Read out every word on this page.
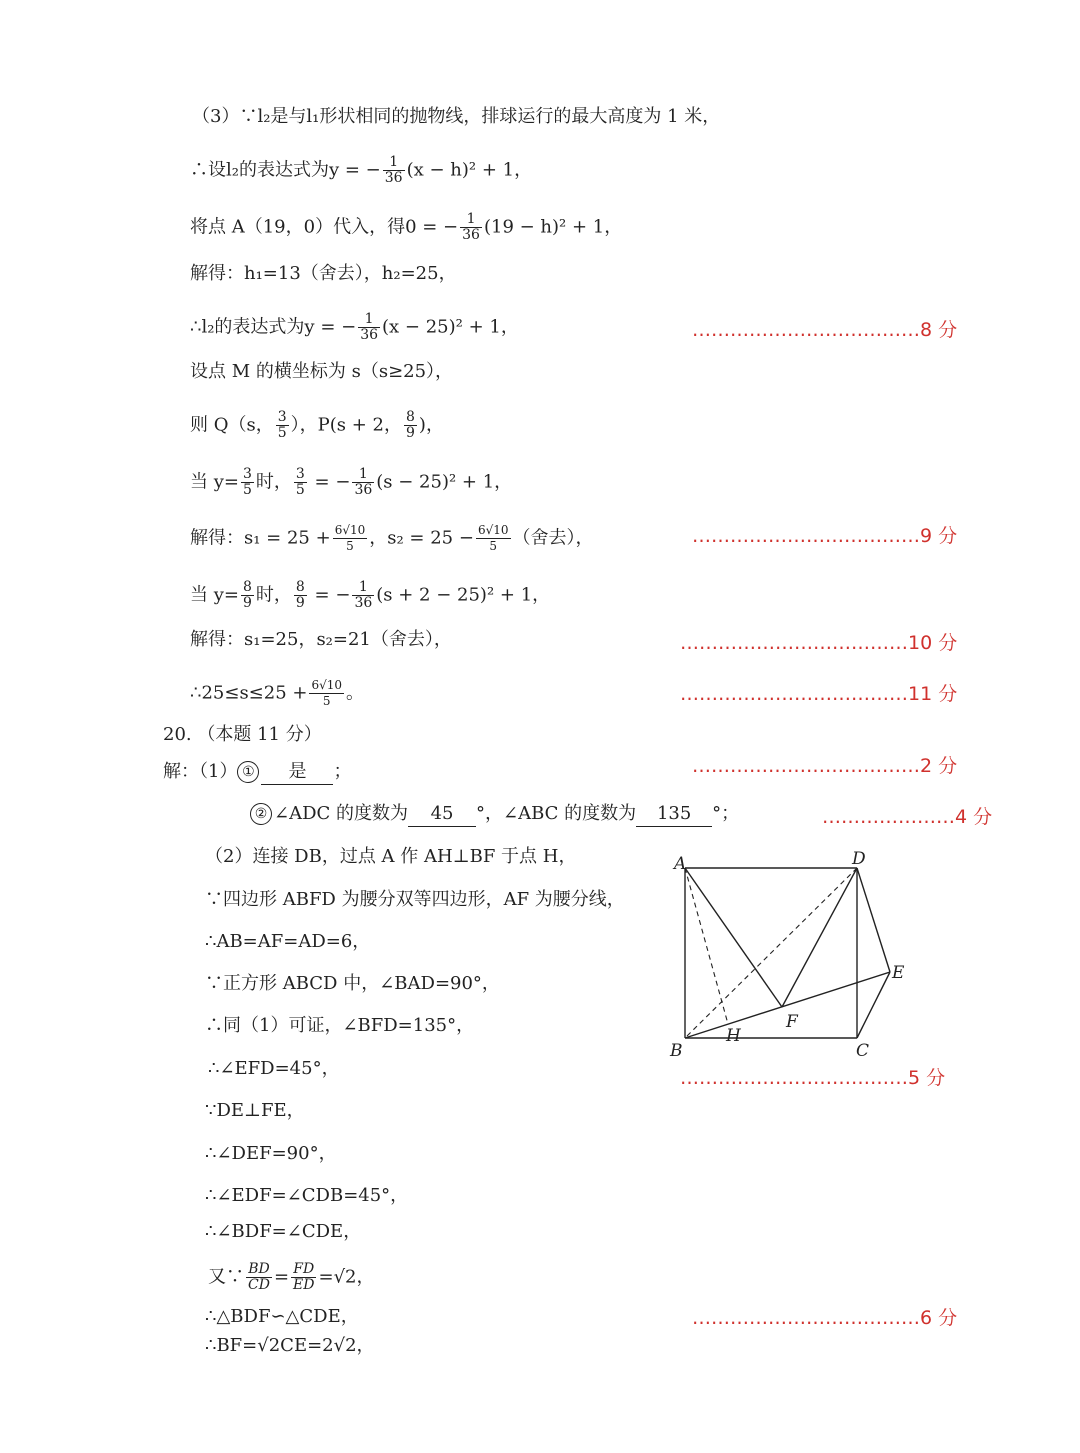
（3）∵l₂是与l₁形状相同的抛物线，排球运行的最大高度为 1 米，
∴设l₂的表达式为y = − $\frac{1}{36} (x - h)^2 + 1$，
将点 A（19，0）代入，得0 = − $\frac{1}{36} (19 - h)^2 + 1$，
解得：h₁=13（舍去），h₂=25，
∴l₂的表达式为y = − $\frac{1}{36} (x - 25)^2 + 1$，	………………………………8 分
设点 M 的横坐标为 s（s≥25），
则 Q（s， $\frac{3}{5}$ ），P(s + 2， $\frac{8}{9}$ )，
当 $y= \frac{3}{5}$ 时， $\frac{3}{5}$ = − $\frac{1}{36} (s - 25)^2 + 1$，
解得：$s_1 = 25 + \frac{6√10}{5}$ ，$s_2 = 25 - \frac{6√10}{5}$ （舍去），	………………………………9 分
当 $y= \frac{8}{9}$ 时， $\frac{8}{9}$ = − $\frac{1}{36} (s + 2 - 25)^2 + 1$，
解得：s₁=25，s₂=21（舍去），	………………………………10 分
∴25≤s≤25 + $\frac{6√10}{5}$ 。	………………………………11 分
20. （本题 11 分）
解：（1） ① 是 ；	………………………………2 分
② ∠ADC 的度数为 45 °，∠ABC 的度数为 135 °；	…………………4 分
（2）连接 DB，过点 A 作 AH⊥BF 于点 H，
∵四边形 ABFD 为腰分双等四边形，AF 为腰分线，
∴AB=AF=AD=6，
∵正方形 ABCD 中，∠BAD=90°，
∴同（1）可证，∠BFD=135°，
∴∠EFD=45°，	………………………………5 分
∵DE⊥FE，
∴∠DEF=90°，
∴∠EDF=∠CDB=45°，
∴∠BDF=∠CDE，
又∵ $\frac{BD}{CD} = \frac{FD}{ED} =√2$，
∴△BDF∽△CDE，	………………………………6 分
∴BF=√2CE=2√2，
A	D
E
F
H
B	C
